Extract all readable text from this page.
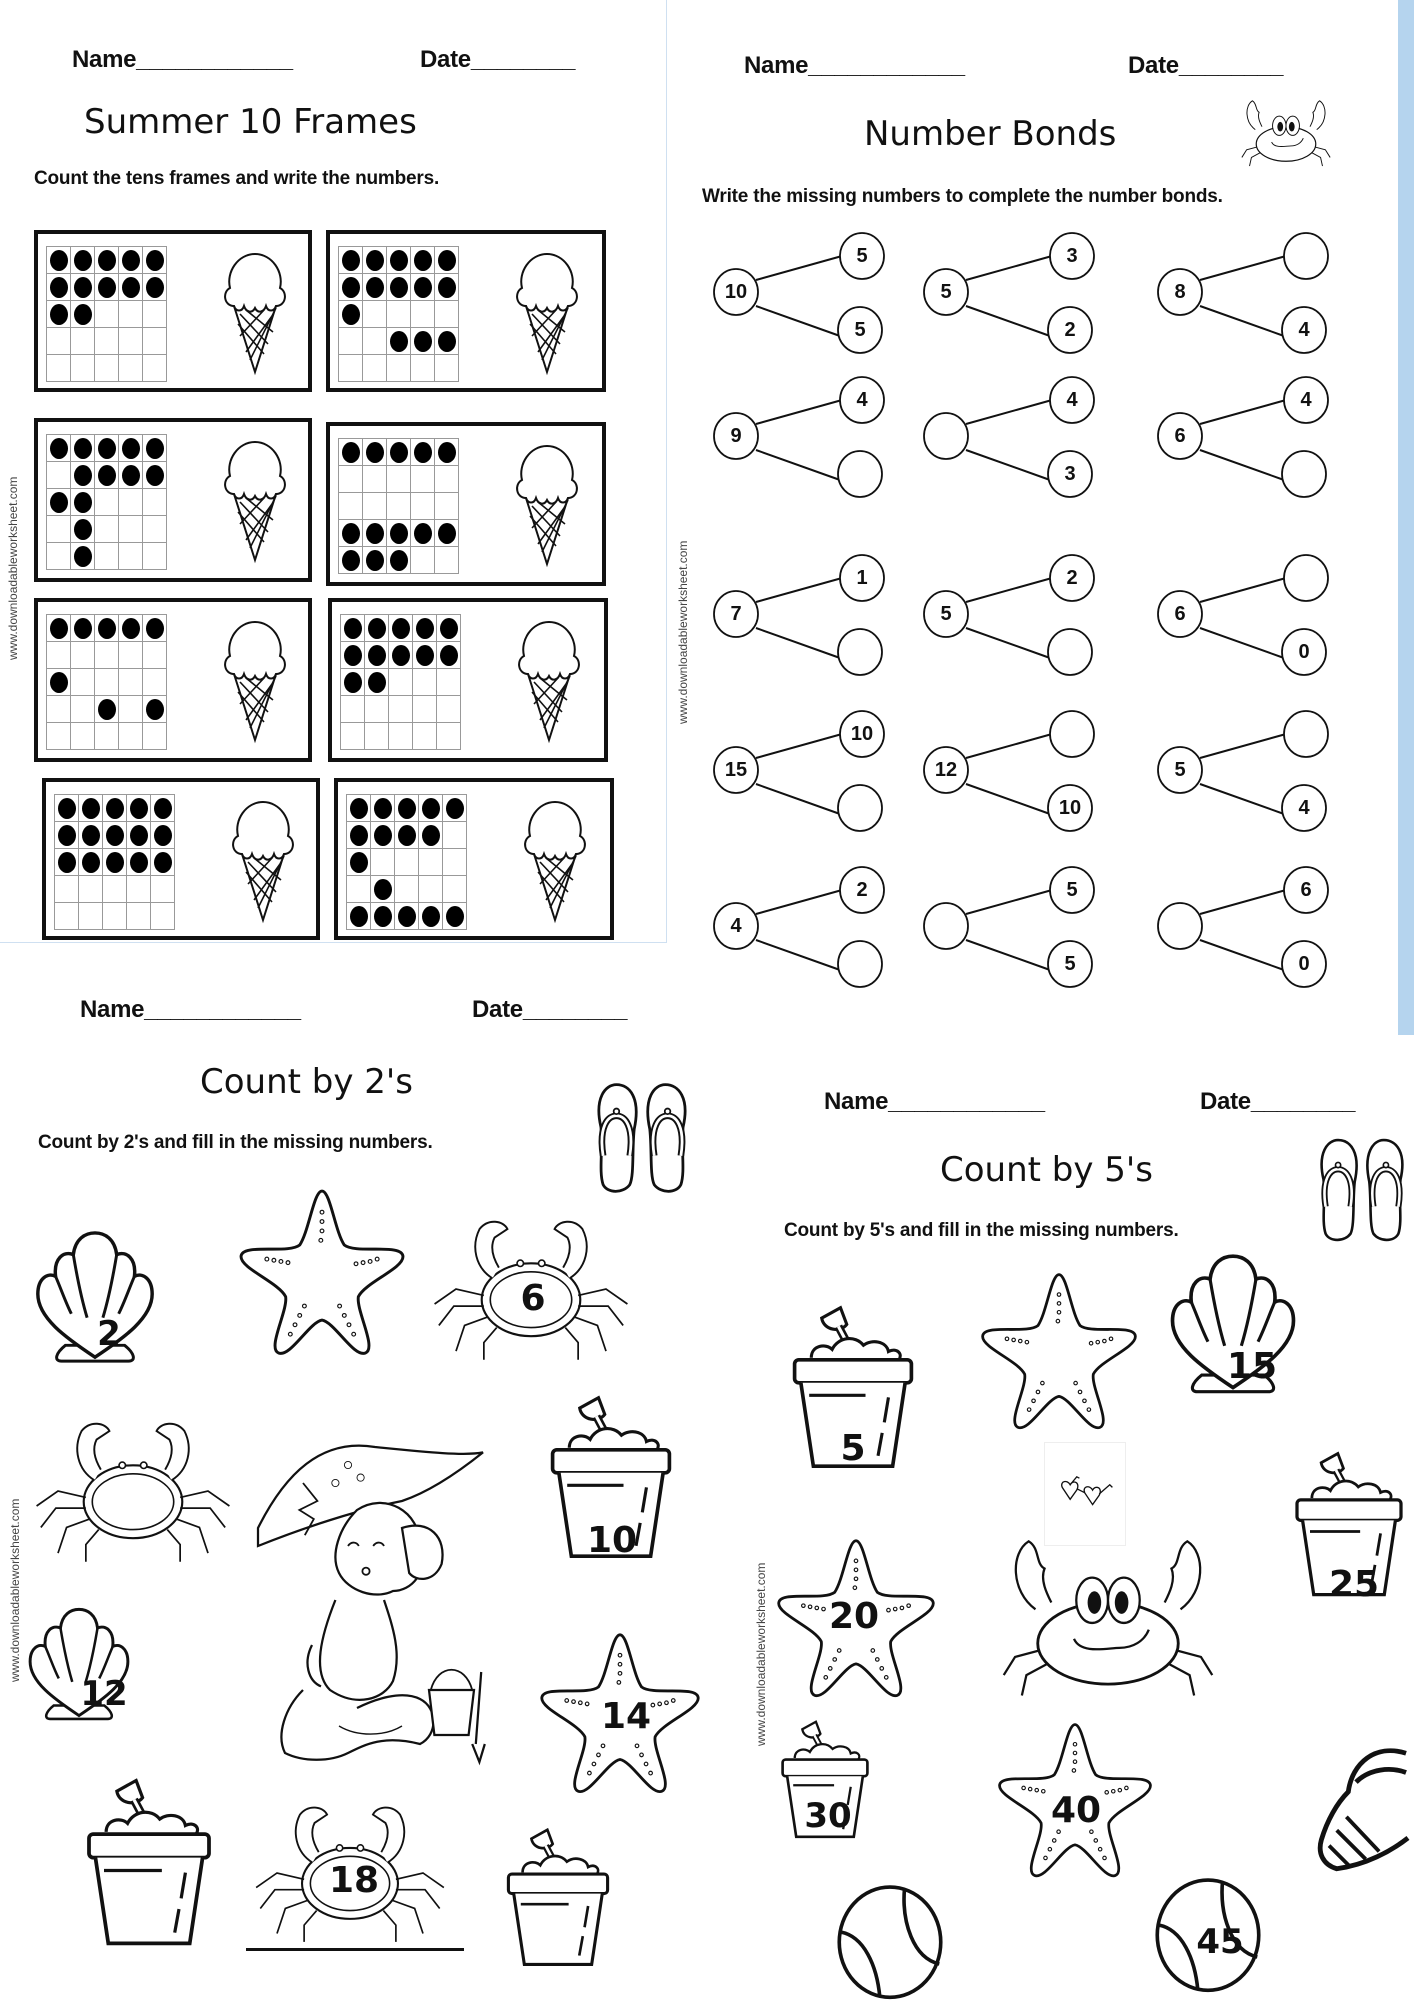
Name____________	Date________
Summer 10 Frames
Count the tens frames and write the numbers.
www.downloadableworksheet.com
Name____________	Date________
Number Bonds
Write the missing numbers to complete the number bonds.
www.downloadableworksheet.com
10
5
5
5
3
2
8
4
9
4	4
3
6
4
7
1
5
2
6
0
15
10
12
10
5
4
4
2	5
5
6
0
Name____________	Date________
Count by 2's
Count by 2's and fill in the missing numbers.
www.downloadableworksheet.com
2
6
10
12
14
18
Name____________	Date________
Count by 5's
Count by 5's and fill in the missing numbers.
www.downloadableworksheet.com
5
15
20
25
30	40
45
